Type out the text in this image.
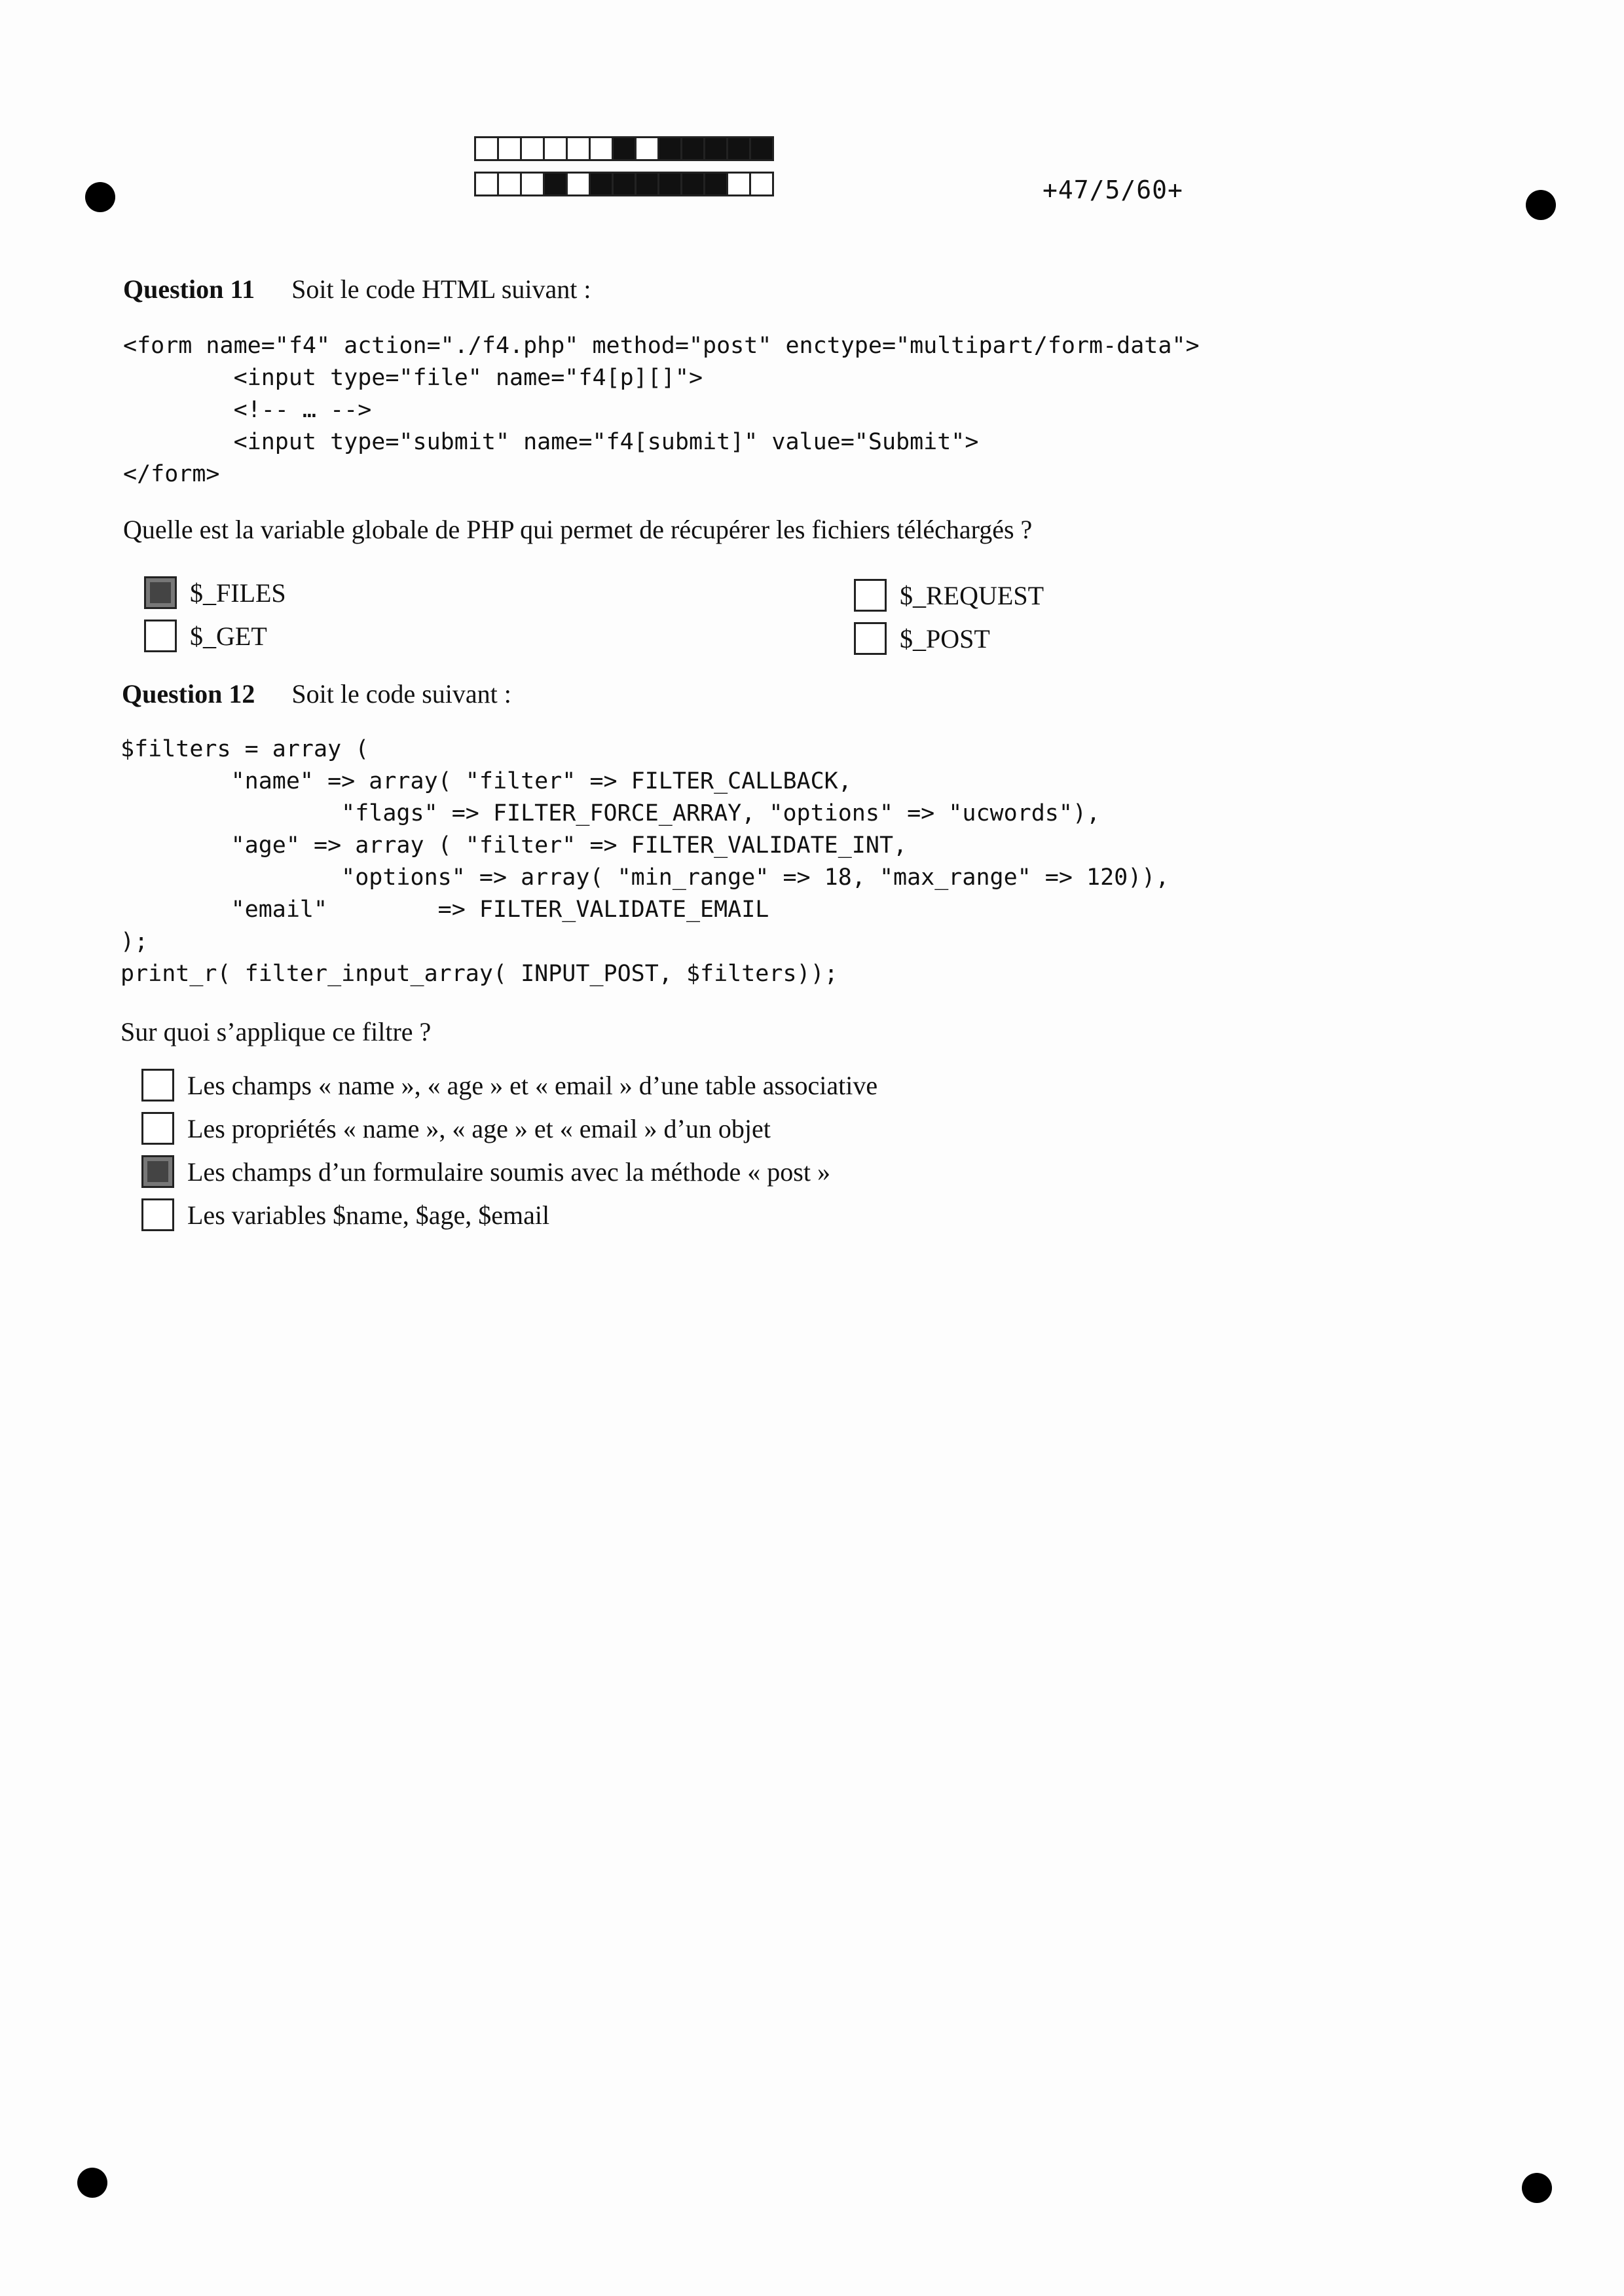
+47/5/60+
Question 11 Soit le code HTML suivant :
<form name="f4" action="./f4.php" method="post" enctype="multipart/form-data">
<input type="file" name="f4[p][]">
<!-- … -->
<input type="submit" name="f4[submit]" value="Submit">
</form>
Quelle est la variable globale de PHP qui permet de récupérer les fichiers téléchargés ?
$_FILES	$_REQUEST
$_GET	$_POST
Question 12 Soit le code suivant :
$filters = array (
"name" => array( "filter" => FILTER_CALLBACK,
"flags" => FILTER_FORCE_ARRAY, "options" => "ucwords"),
"age" => array ( "filter" => FILTER_VALIDATE_INT,
"options" => array( "min_range" => 18, "max_range" => 120)),
"email"        => FILTER_VALIDATE_EMAIL
);
print_r( filter_input_array( INPUT_POST, $filters));
Sur quoi s’applique ce filtre ?
Les champs « name », « age » et « email » d’une table associative
Les propriétés « name », « age » et « email » d’un objet
Les champs d’un formulaire soumis avec la méthode « post »
Les variables $name, $age, $email
